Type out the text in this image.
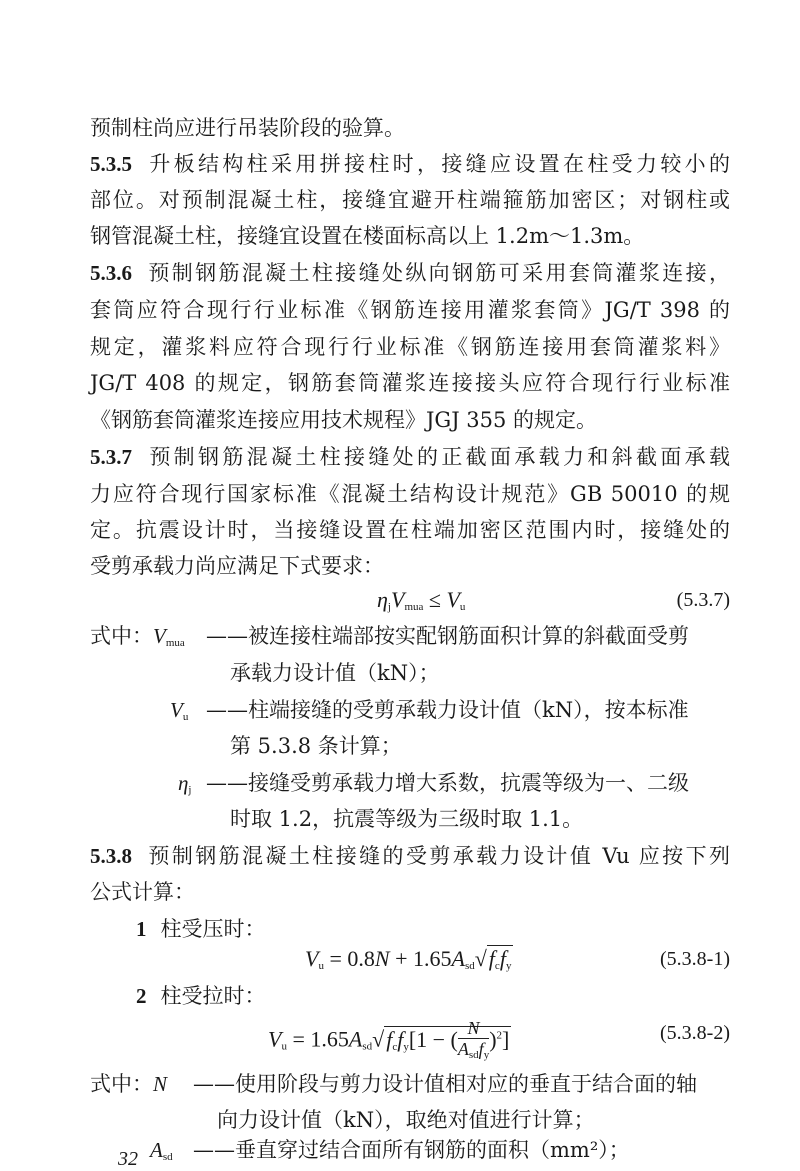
预制柱尚应进行吊装阶段的验算。
5.3.5 升板结构柱采用拼接柱时，接缝应设置在柱受力较小的
部位。对预制混凝土柱，接缝宜避开柱端箍筋加密区；对钢柱或
钢管混凝土柱，接缝宜设置在楼面标高以上 1.2m～1.3m。
5.3.6 预制钢筋混凝土柱接缝处纵向钢筋可采用套筒灌浆连接，
套筒应符合现行行业标准《钢筋连接用灌浆套筒》JG/T 398 的
规定，灌浆料应符合现行行业标准《钢筋连接用套筒灌浆料》
JG/T 408 的规定，钢筋套筒灌浆连接接头应符合现行行业标准
《钢筋套筒灌浆连接应用技术规程》JGJ 355 的规定。
5.3.7 预制钢筋混凝土柱接缝处的正截面承载力和斜截面承载
力应符合现行国家标准《混凝土结构设计规范》GB 50010 的规
定。抗震设计时，当接缝设置在柱端加密区范围内时，接缝处的
受剪承载力尚应满足下式要求：
$\eta_jV_{mua} \le V_u$	(5.3.7)
式中：$V_{mua}$ ——被连接柱端部按实配钢筋面积计算的斜截面受剪
承载力设计值（kN）；
$V_u$ ——柱端接缝的受剪承载力设计值（kN），按本标准
第 5.3.8 条计算；
$\eta_j$ ——接缝受剪承载力增大系数，抗震等级为一、二级
时取 1.2，抗震等级为三级时取 1.1。
5.3.8 预制钢筋混凝土柱接缝的受剪承载力设计值 Vu 应按下列
公式计算：
1 柱受压时：
$V_u = 0.8N + 1.65A_{sd}√f_cf_y$	(5.3.8-1)
2 柱受拉时：
$V_u = 1.65A_{sd}√f_cf_y[1$ − ( $\frac{N}{A_{sd}f_y} )^2$]	(5.3.8-2)
式中：N ——使用阶段与剪力设计值相对应的垂直于结合面的轴
向力设计值（kN），取绝对值进行计算；
$A_{sd}$ ——垂直穿过结合面所有钢筋的面积（mm²）；
32
